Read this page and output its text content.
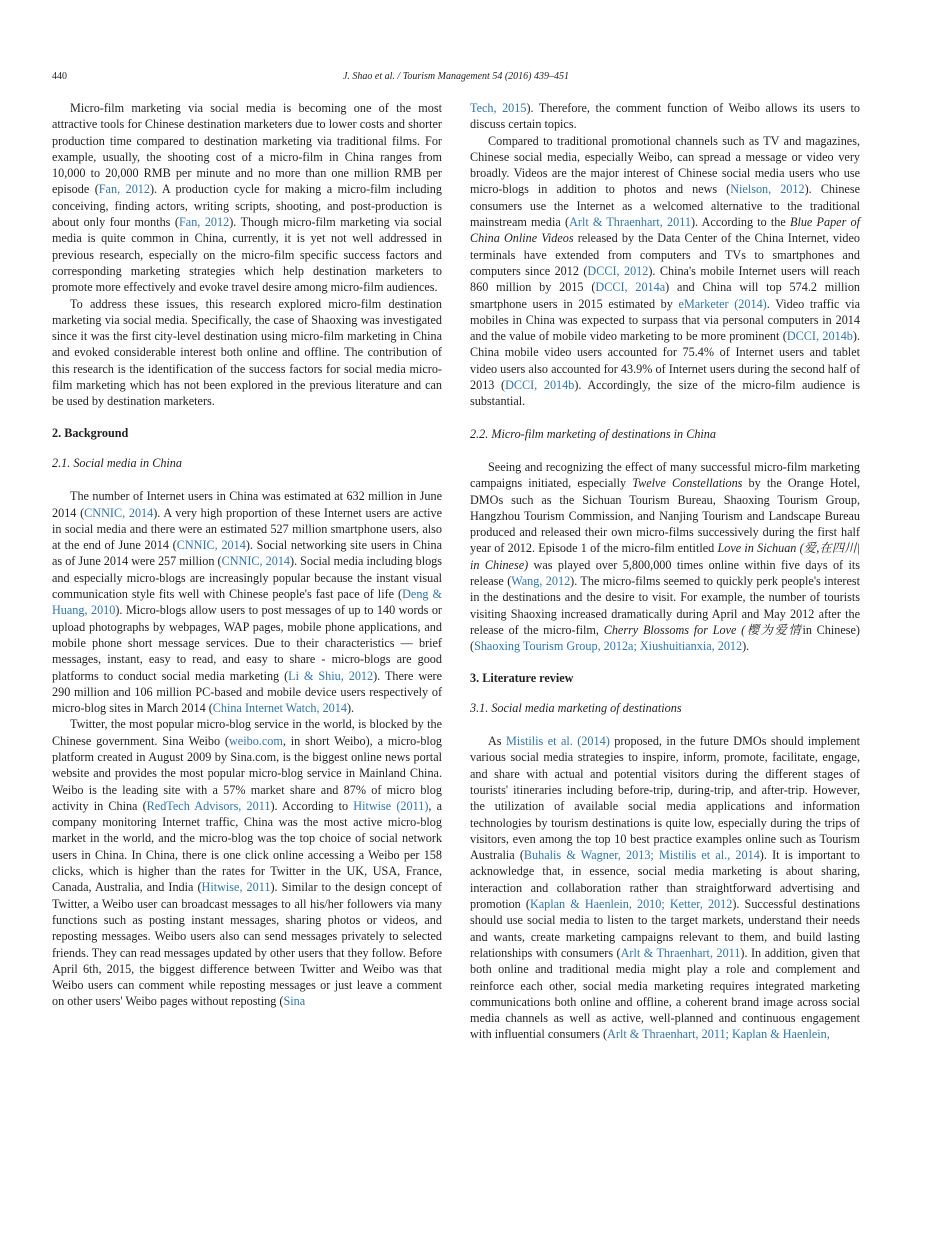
440	J. Shao et al. / Tourism Management 54 (2016) 439–451

Micro-film marketing via social media is becoming one of the most attractive tools for Chinese destination marketers due to lower costs and shorter production time compared to destination marketing via traditional films. For example, usually, the shooting cost of a micro-film in China ranges from 10,000 to 20,000 RMB per minute and no more than one million RMB per episode (Fan, 2012). A production cycle for making a micro-film including conceiving, finding actors, writing scripts, shooting, and post-production is about only four months (Fan, 2012). Though micro-film marketing via social media is quite common in China, currently, it is yet not well addressed in previous research, especially on the micro-film specific success factors and corresponding marketing strategies which help destination marketers to promote more effectively and evoke travel desire among micro-film audiences.

To address these issues, this research explored micro-film destination marketing via social media. Specifically, the case of Shaoxing was investigated since it was the first city-level destination using micro-film marketing in China and evoked considerable interest both online and offline. The contribution of this research is the identification of the success factors for social media micro-film marketing which has not been explored in the previous literature and can be used by destination marketers.

2. Background
2.1. Social media in China

The number of Internet users in China was estimated at 632 million in June 2014 (CNNIC, 2014). A very high proportion of these Internet users are active in social media and there were an estimated 527 million smartphone users, also at the end of June 2014 (CNNIC, 2014). Social networking site users in China as of June 2014 were 257 million (CNNIC, 2014). Social media including blogs and especially micro-blogs are increasingly popular because the instant visual communication style fits well with Chinese people's fast pace of life (Deng & Huang, 2010). Micro-blogs allow users to post messages of up to 140 words or upload photographs by webpages, WAP pages, mobile phone applications, and mobile phone short message services. Due to their characteristics — brief messages, instant, easy to read, and easy to share - micro-blogs are good platforms to conduct social media marketing (Li & Shiu, 2012). There were 290 million and 106 million PC-based and mobile device users respectively of micro-blog sites in March 2014 (China Internet Watch, 2014).

Twitter, the most popular micro-blog service in the world, is blocked by the Chinese government. Sina Weibo (weibo.com, in short Weibo), a micro-blog platform created in August 2009 by Sina.com, is the biggest online news portal website and provides the most popular micro-blog service in Mainland China. Weibo is the leading site with a 57% market share and 87% of micro blog activity in China (RedTech Advisors, 2011). According to Hitwise (2011), a company monitoring Internet traffic, China was the most active micro-blog market in the world, and the micro-blog was the top choice of social network users in China. In China, there is one click online accessing a Weibo per 158 clicks, which is higher than the rates for Twitter in the UK, USA, France, Canada, Australia, and India (Hitwise, 2011). Similar to the design concept of Twitter, a Weibo user can broadcast messages to all his/her followers via many functions such as posting instant messages, sharing photos or videos, and reposting messages. Weibo users also can send messages privately to selected friends. They can read messages updated by other users that they follow. Before April 6th, 2015, the biggest difference between Twitter and Weibo was that Weibo users can comment while reposting messages or just leave a comment on other users' Weibo pages without reposting (Sina

Tech, 2015). Therefore, the comment function of Weibo allows its users to discuss certain topics.

Compared to traditional promotional channels such as TV and magazines, Chinese social media, especially Weibo, can spread a message or video very broadly. Videos are the major interest of Chinese social media users who use micro-blogs in addition to photos and news (Nielson, 2012). Chinese consumers use the Internet as a welcomed alternative to the traditional mainstream media (Arlt & Thraenhart, 2011). According to the Blue Paper of China Online Videos released by the Data Center of the China Internet, video terminals have extended from computers and TVs to smartphones and computers since 2012 (DCCI, 2012). China's mobile Internet users will reach 860 million by 2015 (DCCI, 2014a) and China will top 574.2 million smartphone users in 2015 estimated by eMarketer (2014). Video traffic via mobiles in China was expected to surpass that via personal computers in 2014 and the value of mobile video marketing to be more prominent (DCCI, 2014b). China mobile video users accounted for 75.4% of Internet users and tablet video users also accounted for 43.9% of Internet users during the second half of 2013 (DCCI, 2014b). Accordingly, the size of the micro-film audience is substantial.

2.2. Micro-film marketing of destinations in China

Seeing and recognizing the effect of many successful micro-film marketing campaigns initiated, especially Twelve Constellations by the Orange Hotel, DMOs such as the Sichuan Tourism Bureau, Shaoxing Tourism Group, Hangzhou Tourism Commission, and Nanjing Tourism and Landscape Bureau produced and released their own micro-films successively during the first half year of 2012. Episode 1 of the micro-film entitled Love in Sichuan (爱,在四川| in Chinese) was played over 5,800,000 times online within five days of its release (Wang, 2012). The micro-films seemed to quickly perk people's interest in the destinations and the desire to visit. For example, the number of tourists visiting Shaoxing increased dramatically during April and May 2012 after the release of the micro-film, Cherry Blossoms for Love (樱为爱情in Chinese) (Shaoxing Tourism Group, 2012a; Xiushuitianxia, 2012).

3. Literature review
3.1. Social media marketing of destinations

As Mistilis et al. (2014) proposed, in the future DMOs should implement various social media strategies to inspire, inform, promote, facilitate, engage, and share with actual and potential visitors during the different stages of tourists' itineraries including before-trip, during-trip, and after-trip. However, the utilization of available social media applications and information technologies by tourism destinations is quite low, especially during the trips of visitors, even among the top 10 best practice examples online such as Tourism Australia (Buhalis & Wagner, 2013; Mistilis et al., 2014). It is important to acknowledge that, in essence, social media marketing is about sharing, interaction and collaboration rather than straightforward advertising and promotion (Kaplan & Haenlein, 2010; Ketter, 2012). Successful destinations should use social media to listen to the target markets, understand their needs and wants, create marketing campaigns relevant to them, and build lasting relationships with consumers (Arlt & Thraenhart, 2011). In addition, given that both online and traditional media might play a role and complement and reinforce each other, social media marketing requires integrated marketing communications both online and offline, a coherent brand image across social media channels as well as active, well-planned and continuous engagement with influential consumers (Arlt & Thraenhart, 2011; Kaplan & Haenlein,
